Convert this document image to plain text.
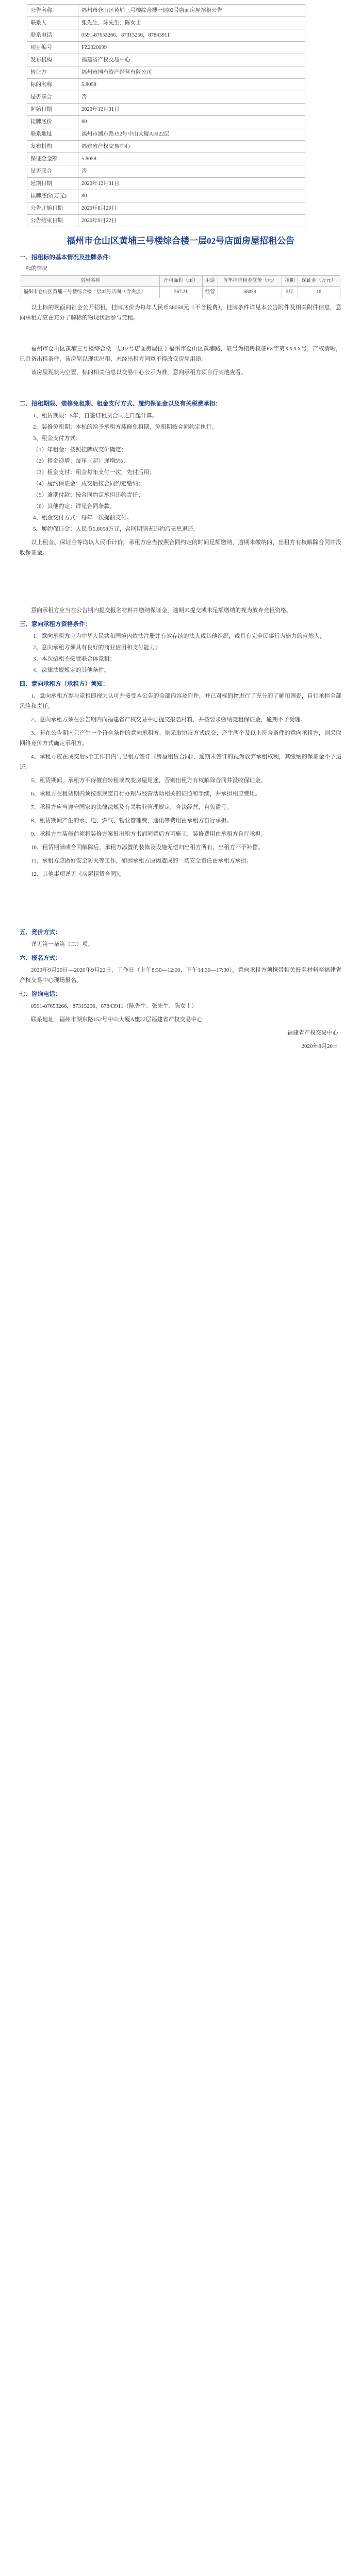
公告名称	福州市仓山区黄埔三号楼综合楼一层02号店面房屋招租公告
联系人	张先生，陈先生，陈女士
联系电话	0591-87653266，87315256，87843911
项目编号	FZ2020099
发布机构	福建省产权交易中心
转让方	福州市国有资产经营有限公司
标的名称	5.8058
是否联合	否
起始日期	2020年12月31日
挂牌底价	80
联系地址	福州市湖东路152号中山大厦A座22层
发布机构	福建省产权交易中心
保证金金额	5.8058
是否联合	否
延期日期	2020年12月31日
挂牌底价(万元)	80
公告开始日期	2020年8月20日
公告结束日期	2020年9月22日
福州市仓山区黄埔三号楼综合楼一层02号店面房屋招租公告
一、招租标的基本情况及挂牌条件：
标的情况
房屋名称	计租面积（㎡）	用途	每年挂牌租金底价（元）	租期	保证金（万元）
福州市仓山区黄埔三号楼综合楼一层02号店面（含夹层）	567.21	经营	58058	5年	10

以上标的现面向社会公开招租，挂牌底价为每年人民币58058元（不含税费），挂牌条件详见本公告附件及相关附件信息，意向承租方应在充分了解标的物现状后参与竞租。

福州市仓山区黄埔三号楼综合楼一层02号店面房屋位于福州市仓山区黄埔路，证号为榕房权证FZ字第XXXX号，产权清晰，已具备出租条件，该房屋以现状出租，未经出租方同意不得改变房屋用途。

该房屋现状为空置，标的相关信息以交易中心公示为准，意向承租方须自行实地查看。

二、招租期限、装修免租期、租金支付方式、履约保证金以及有关税费承担：
1、租赁期限：5年，自签订租赁合同之日起计算。
2、装修免租期：本标的给予承租方装修免租期，免租期按合同约定执行。
3、租金支付方式：
（1）年租金：按照挂牌成交价确定；
（2）租金递增：每年（起）递增5%；
（3）租金支付：租金每年支付一次，先付后用；
（4）履约保证金：成交后按合同约定缴纳；
（5）逾期付款：按合同约定承担违约责任；
（6）其他约定：详见合同条款。
4、租金交付方式：每年一次提前支付。
5、履约保证金：人民币5.8058万元，合同期满无违约后无息退还。

以上租金、保证金等均以人民币计价，承租方应当按照合同约定的时间足额缴纳，逾期未缴纳的，出租方有权解除合同并没收保证金。

意向承租方应当在公告期内提交报名材料并缴纳保证金，逾期未提交或未足额缴纳的视为放弃竞租资格。

三、意向承租方资格条件：
1、意向承租方应为中华人民共和国境内依法注册并有效存续的法人或其他组织，或具有完全民事行为能力的自然人；
2、意向承租方须具有良好的商业信用和支付能力；
3、本次招租不接受联合体竞租；
4、法律法规规定的其他条件。
四、意向承租方（承租方）须知：
1、意向承租方参与竞租即视为认可并接受本公告的全部内容及附件，并已对标的物进行了充分的了解和调查，自行承担全部风险和责任。
2、意向承租方须在公告期内向福建省产权交易中心提交报名材料，并按要求缴纳竞租保证金，逾期不予受理。
3、若在公告期内只产生一个符合条件的意向承租方，则采取协议方式成交；产生两个及以上符合条件的意向承租方，则采取网络竞价方式确定承租方。
4、承租方应在成交后5个工作日内与出租方签订《房屋租赁合同》，逾期未签订的视为放弃承租权利，其缴纳的保证金不予退还。
5、租赁期间，承租方不得擅自转租或改变房屋用途，否则出租方有权解除合同并没收保证金。
6、承租方在租赁期内须按照规定自行办理与经营活动相关的证照和手续，并承担相应费用。
7、承租方应当遵守国家的法律法规及有关物业管理规定，合法经营，自负盈亏。
8、租赁期间产生的水、电、燃气、物业管理费、通讯等费用由承租方自行承担。
9、承租方在装修前须将装修方案报出租方书面同意后方可施工，装修费用由承租方自行承担。
10、租赁期满或合同解除后，承租方添置的装修及设施无偿归出租方所有，出租方不予补偿。
11、承租方应做好安全防火等工作，如因承租方原因造成的一切安全责任由承租方承担。
12、其他事项详见《房屋租赁合同》。
五、竞价方式：

详见第一条第（二）项。

六、报名方式：

2020年9月20日—2020年9月22日，工作日（上午8:30—12:00，下午14:30—17:30），意向承租方须携带相关报名材料至福建省产权交易中心现场报名。

七、咨询电话：

0591-87653266，87315256，87843911（陈先生、张先生、陈女士）

联系地址：福州市湖东路152号中山大厦A座22层福建省产权交易中心

福建省产权交易中心
2020年8月20日
